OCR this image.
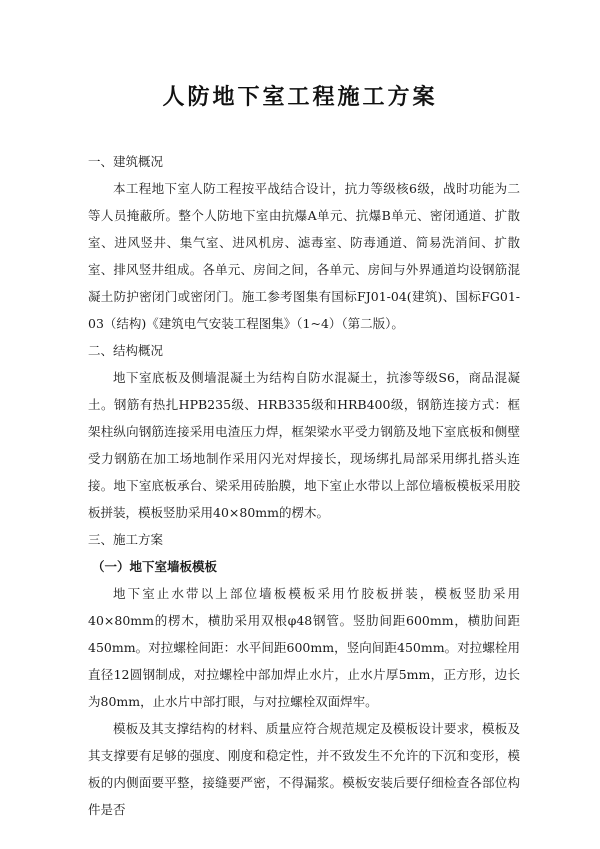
人防地下室工程施工方案

一、建筑概况

本工程地下室人防工程按平战结合设计，抗力等级核6级，战时功能为二等人员掩蔽所。整个人防地下室由抗爆A单元、抗爆B单元、密闭通道、扩散室、进风竖井、集气室、进风机房、滤毒室、防毒通道、简易洗消间、扩散室、排风竖井组成。各单元、房间之间，各单元、房间与外界通道均设钢筋混凝土防护密闭门或密闭门。施工参考图集有国标FJ01-04(建筑)、国标FG01-03（结构)《建筑电气安装工程图集》（1~4）（第二版）。

二、结构概况

地下室底板及侧墙混凝土为结构自防水混凝土，抗渗等级S6，商品混凝土。钢筋有热扎HPB235级、HRB335级和HRB400级，钢筋连接方式：框架柱纵向钢筋连接采用电渣压力焊，框架梁水平受力钢筋及地下室底板和侧壁受力钢筋在加工场地制作采用闪光对焊接长，现场绑扎局部采用绑扎搭头连接。地下室底板承台、梁采用砖胎膜，地下室止水带以上部位墙板模板采用胶板拼装，模板竖肋采用40×80mm的楞木。

三、施工方案

（一）地下室墙板模板

地下室止水带以上部位墙板模板采用竹胶板拼装，模板竖肋采用40×80mm的楞木，横肋采用双根φ48钢管。竖肋间距600mm，横肋间距450mm。对拉螺栓间距：水平间距600mm，竖向间距450mm。对拉螺栓用直径12圆钢制成，对拉螺栓中部加焊止水片，止水片厚5mm，正方形，边长为80mm，止水片中部打眼，与对拉螺栓双面焊牢。

模板及其支撑结构的材料、质量应符合规范规定及模板设计要求，模板及其支撑要有足够的强度、刚度和稳定性，并不致发生不允许的下沉和变形，模板的内侧面要平整，接缝要严密，不得漏浆。模板安装后要仔细检查各部位构件是否
